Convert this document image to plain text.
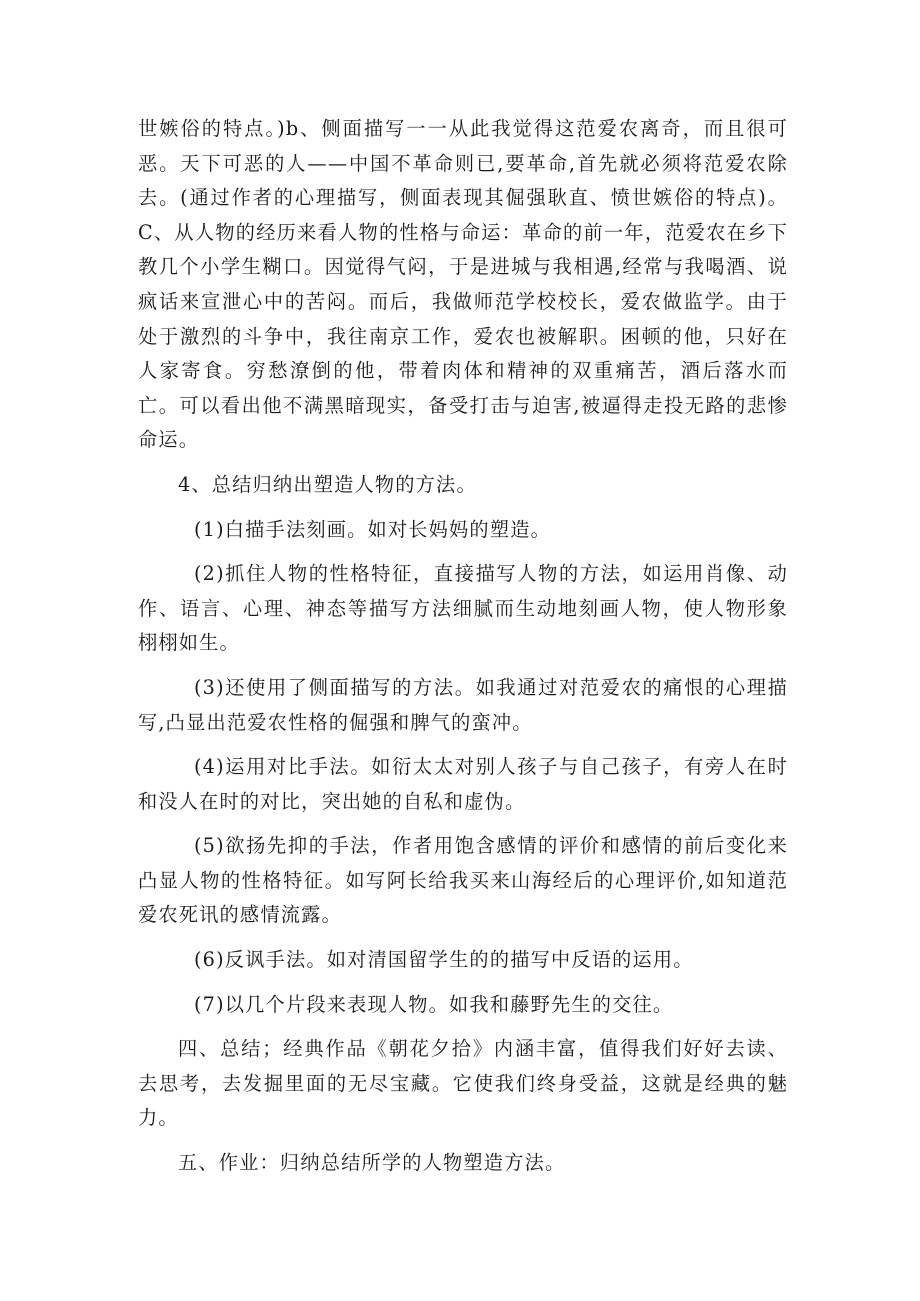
世嫉俗的特点。)b、侧面描写一一从此我觉得这范爱农离奇，而且很可恶。天下可恶的人——中国不革命则已,要革命,首先就必须将范爱农除去。(通过作者的心理描写，侧面表现其倔强耿直、愤世嫉俗的特点)。C、从人物的经历来看人物的性格与命运：革命的前一年，范爱农在乡下教几个小学生糊口。因觉得气闷，于是进城与我相遇,经常与我喝酒、说疯话来宣泄心中的苦闷。而后，我做师范学校校长，爱农做监学。由于处于激烈的斗争中，我往南京工作，爱农也被解职。困顿的他，只好在人家寄食。穷愁潦倒的他，带着肉体和精神的双重痛苦，酒后落水而亡。可以看出他不满黑暗现实，备受打击与迫害,被逼得走投无路的悲惨命运。

4、总结归纳出塑造人物的方法。

(1)白描手法刻画。如对长妈妈的塑造。

(2)抓住人物的性格特征，直接描写人物的方法，如运用肖像、动作、语言、心理、神态等描写方法细腻而生动地刻画人物，使人物形象栩栩如生。

(3)还使用了侧面描写的方法。如我通过对范爱农的痛恨的心理描写,凸显出范爱农性格的倔强和脾气的蛮冲。

(4)运用对比手法。如衍太太对别人孩子与自己孩子，有旁人在时和没人在时的对比，突出她的自私和虚伪。

(5)欲扬先抑的手法，作者用饱含感情的评价和感情的前后变化来凸显人物的性格特征。如写阿长给我买来山海经后的心理评价,如知道范爱农死讯的感情流露。

(6)反讽手法。如对清国留学生的的描写中反语的运用。

(7)以几个片段来表现人物。如我和藤野先生的交往。

四、总结；经典作品《朝花夕拾》内涵丰富，值得我们好好去读、去思考，去发掘里面的无尽宝藏。它使我们终身受益，这就是经典的魅力。

五、作业：归纳总结所学的人物塑造方法。
